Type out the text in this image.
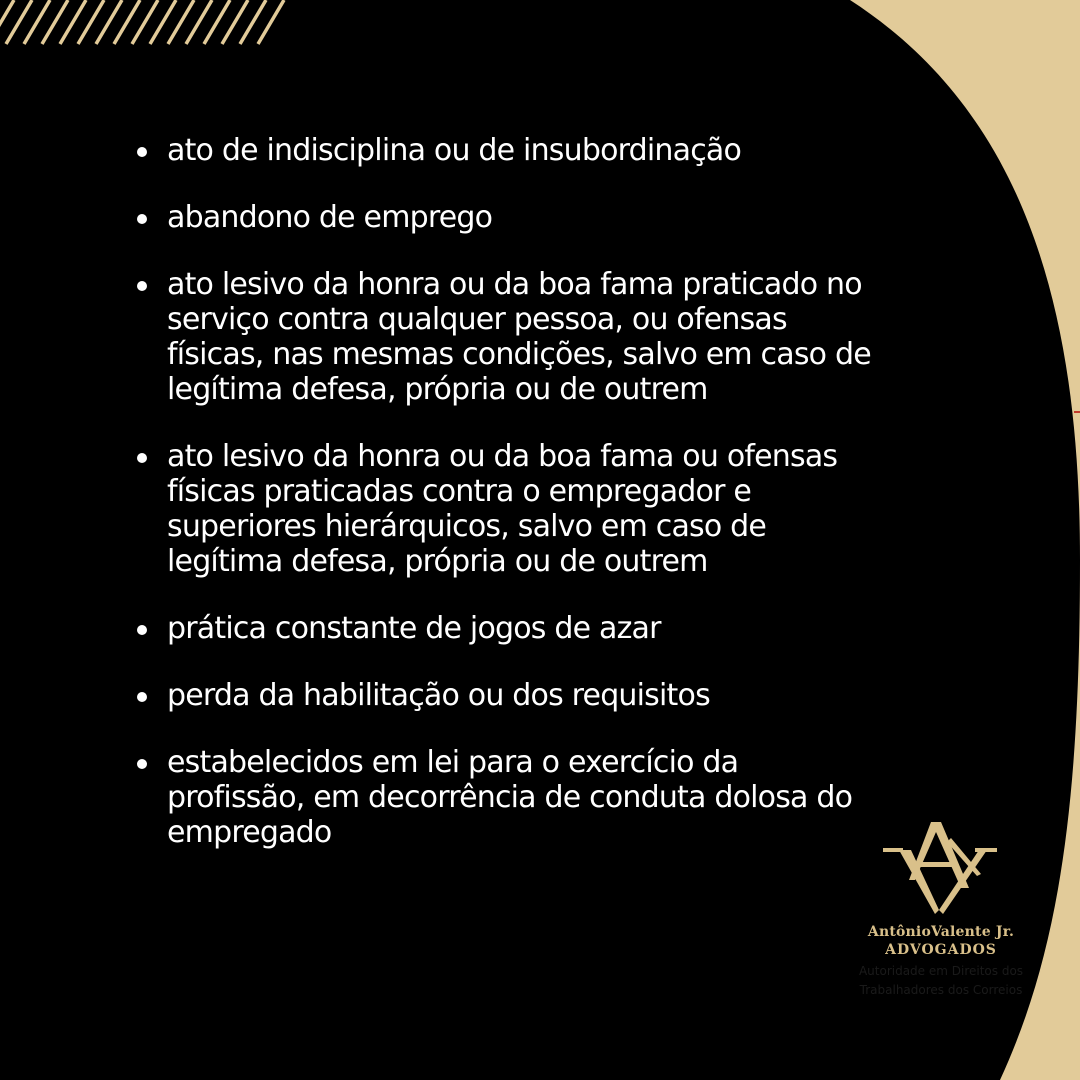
ato de indisciplina ou de insubordinação
abandono de emprego
ato lesivo da honra ou da boa fama praticado no serviço contra qualquer pessoa, ou ofensas físicas, nas mesmas condições, salvo em caso de legítima defesa, própria ou de outrem
ato lesivo da honra ou da boa fama ou ofensas físicas praticadas contra o empregador e superiores hierárquicos, salvo em caso de legítima defesa, própria ou de outrem
prática constante de jogos de azar
perda da habilitação ou dos requisitos
estabelecidos em lei para o exercício da profissão, em decorrência de conduta dolosa do empregado
AntônioValente Jr.
ADVOGADOS
Autoridade em Direitos dos
Trabalhadores dos Correios
